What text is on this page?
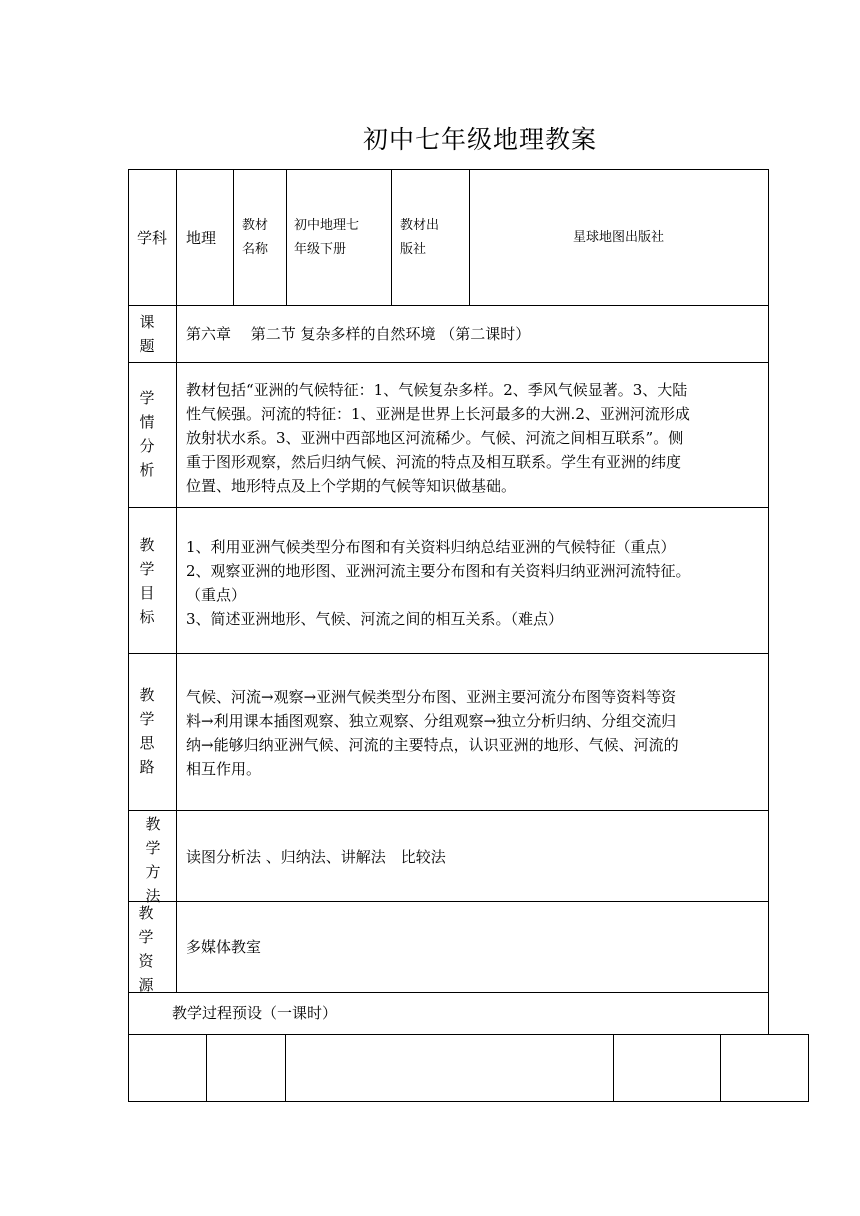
初中七年级地理教案
学科 地理
教材
名称
初中地理七
年级下册
教材出
版社
星球地图出版社
课
题
第六章　 第二节 复杂多样的自然环境 （第二课时）
学
情
分
析
教材包括“亚洲的气候特征：1、气候复杂多样。2、季风气候显著。3、大陆
性气候强。河流的特征：1、亚洲是世界上长河最多的大洲.2、亚洲河流形成
放射状水系。3、亚洲中西部地区河流稀少。气候、河流之间相互联系”。侧
重于图形观察，然后归纳气候、河流的特点及相互联系。学生有亚洲的纬度
位置、地形特点及上个学期的气候等知识做基础。
教
学
目
标
1、利用亚洲气候类型分布图和有关资料归纳总结亚洲的气候特征（重点）
2、观察亚洲的地形图、亚洲河流主要分布图和有关资料归纳亚洲河流特征。
（重点）
3、简述亚洲地形、气候、河流之间的相互关系。（难点）
教
学
思
路
气候、河流→观察→亚洲气候类型分布图、亚洲主要河流分布图等资料等资
料→利用课本插图观察、独立观察、分组观察→独立分析归纳、分组交流归
纳→能够归纳亚洲气候、河流的主要特点，认识亚洲的地形、气候、河流的
相互作用。
教
学
方
法
读图分析法 、归纳法、讲解法　比较法
教
学
资
源
多媒体教室
教学过程预设（一课时）
